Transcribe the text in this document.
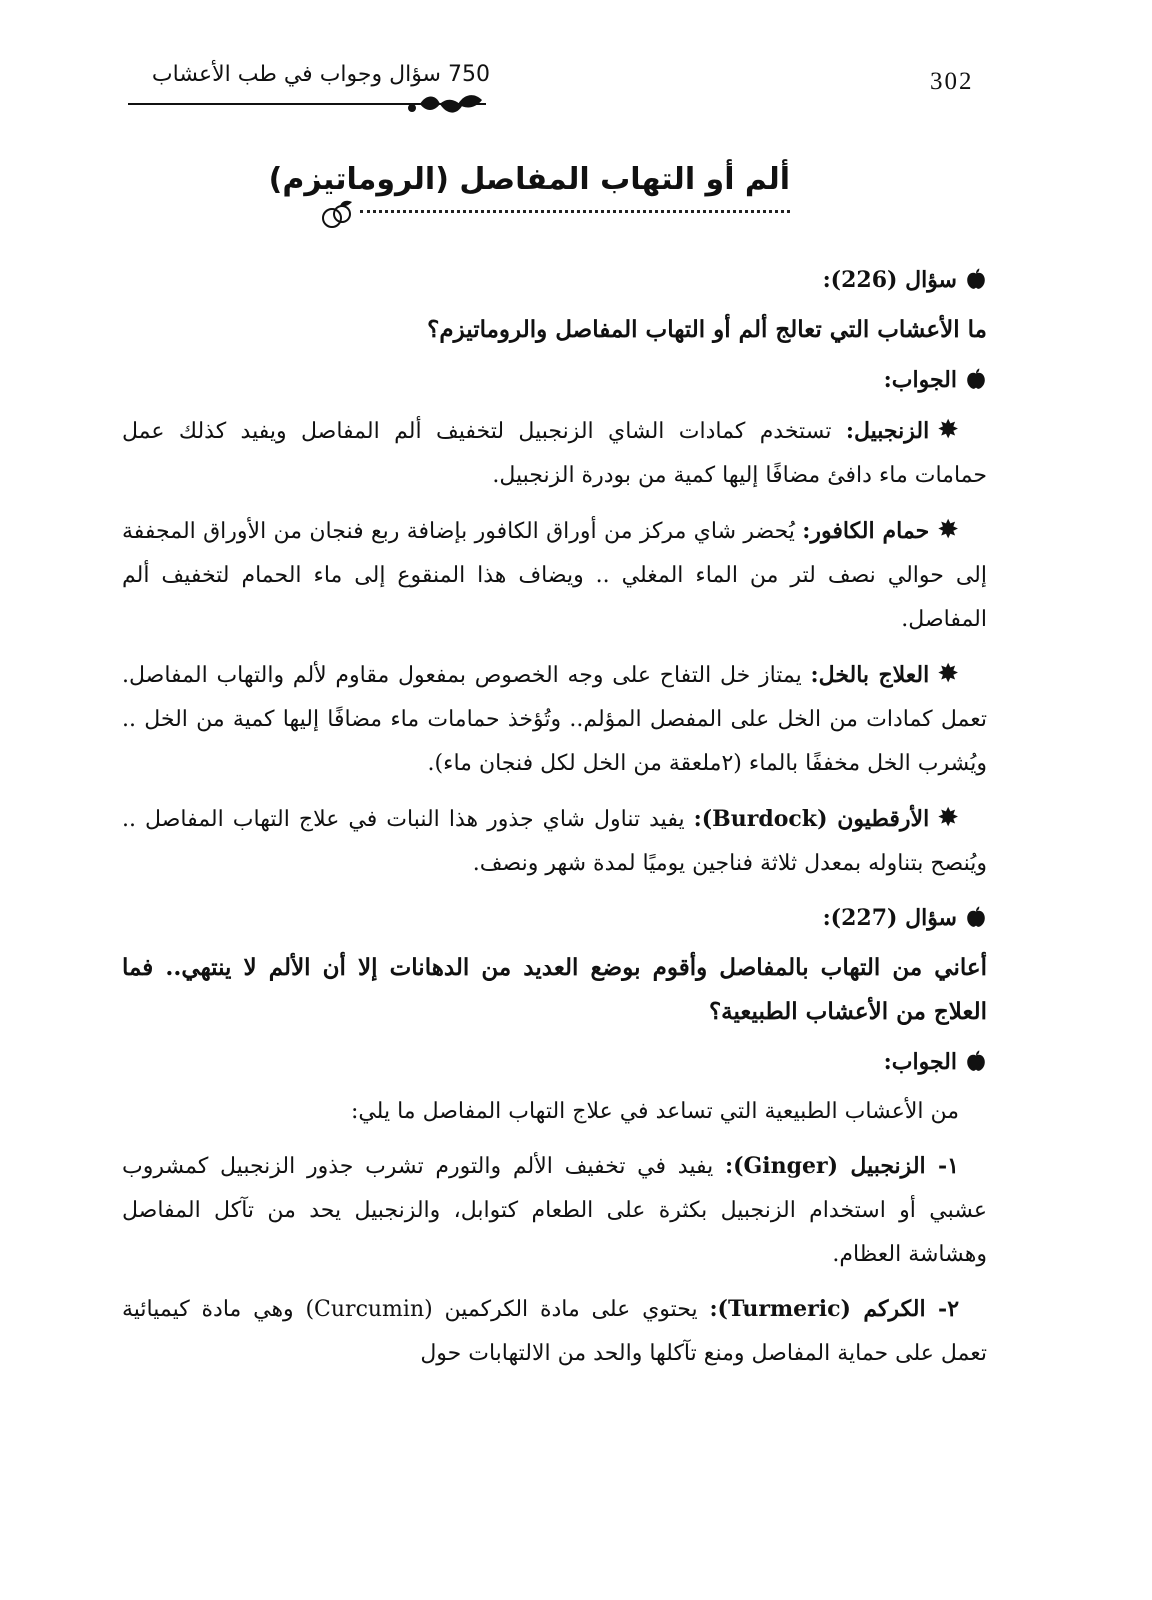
302
750 سؤال وجواب في طب الأعشاب
ألم أو التهاب المفاصل (الروماتيزم)

سؤال (226):

ما الأعشاب التي تعالج ألم أو التهاب المفاصل والروماتيزم؟

الجواب:

✸الزنجبيل: تستخدم كمادات الشاي الزنجبيل لتخفيف ألم المفاصل ويفيد كذلك عمل حمامات ماء دافئ مضافًا إليها كمية من بودرة الزنجبيل.

✸حمام الكافور: يُحضر شاي مركز من أوراق الكافور بإضافة ربع فنجان من الأوراق المجففة إلى حوالي نصف لتر من الماء المغلي .. ويضاف هذا المنقوع إلى ماء الحمام لتخفيف ألم المفاصل.

✸العلاج بالخل: يمتاز خل التفاح على وجه الخصوص بمفعول مقاوم لألم والتهاب المفاصل. تعمل كمادات من الخل على المفصل المؤلم.. وتُؤخذ حمامات ماء مضافًا إليها كمية من الخل .. ويُشرب الخل مخففًا بالماء (٢ملعقة من الخل لكل فنجان ماء).

✸الأرقطيون (Burdock): يفيد تناول شاي جذور هذا النبات في علاج التهاب المفاصل .. ويُنصح بتناوله بمعدل ثلاثة فناجين يوميًا لمدة شهر ونصف.

سؤال (227):

أعاني من التهاب بالمفاصل وأقوم بوضع العديد من الدهانات إلا أن الألم لا ينتهي.. فما العلاج من الأعشاب الطبيعية؟

الجواب:

من الأعشاب الطبيعية التي تساعد في علاج التهاب المفاصل ما يلي:

١- الزنجبيل (Ginger): يفيد في تخفيف الألم والتورم تشرب جذور الزنجبيل كمشروب عشبي أو استخدام الزنجبيل بكثرة على الطعام كتوابل، والزنجبيل يحد من تآكل المفاصل وهشاشة العظام.

٢- الكركم (Turmeric): يحتوي على مادة الكركمين (Curcumin) وهي مادة كيميائية تعمل على حماية المفاصل ومنع تآكلها والحد من الالتهابات حول
